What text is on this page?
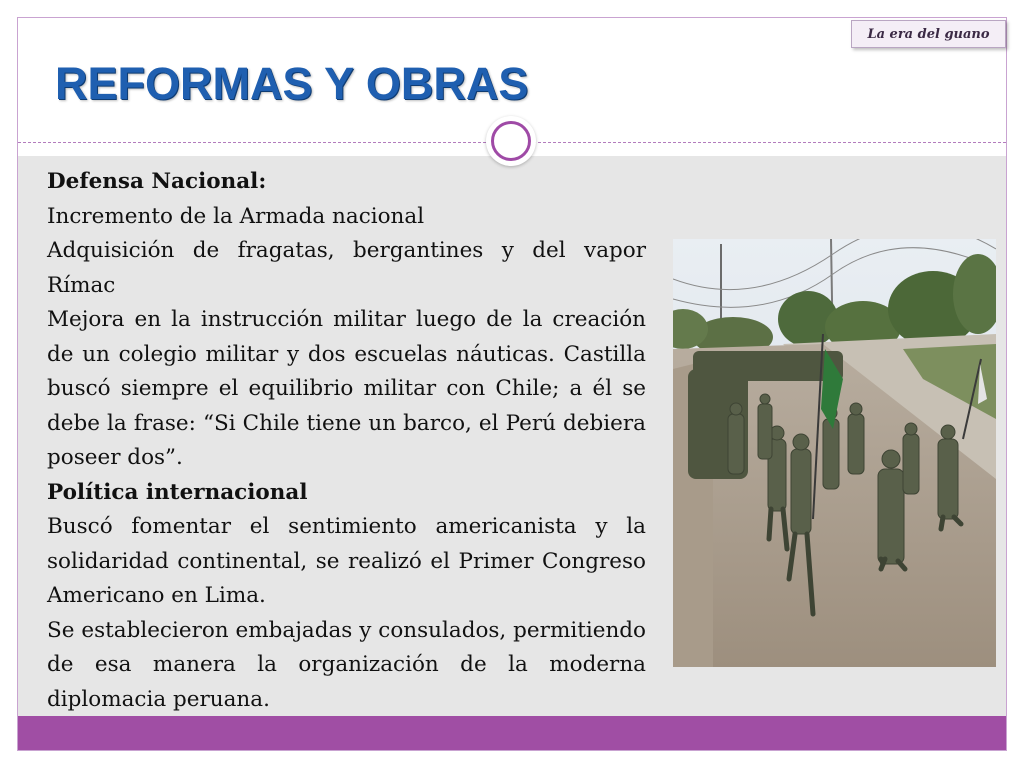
La era del guano
REFORMAS Y OBRAS

Defensa Nacional:

Incremento de la Armada nacional

Adquisición de fragatas, bergantines y del vapor Rímac

Mejora en la instrucción militar luego de la creación de un colegio militar y dos escuelas náuticas. Castilla buscó siempre el equilibrio militar con Chile; a él se debe la frase: “Si Chile tiene un barco, el Perú debiera poseer dos”.

Política internacional

Buscó fomentar el sentimiento americanista y la solidaridad continental, se realizó el Primer Congreso Americano en Lima.

Se establecieron embajadas y consulados, permitiendo de esa manera la organización de la moderna diplomacia peruana.
